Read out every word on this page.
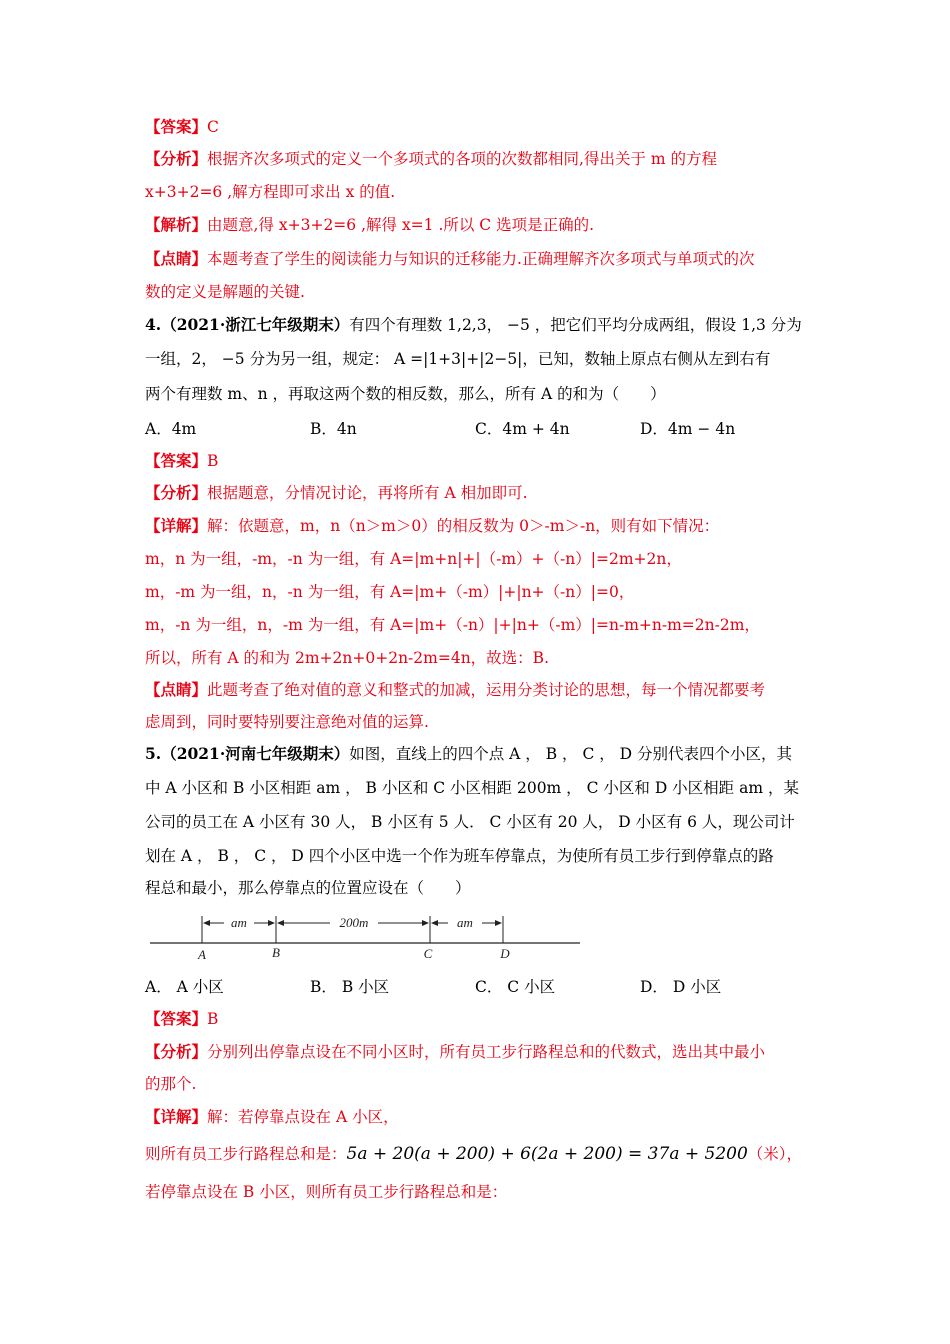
【答案】C
【分析】根据齐次多项式的定义一个多项式的各项的次数都相同,得出关于 m 的方程
x+3+2=6 ,解方程即可求出 x 的值.
【解析】由题意,得 x+3+2=6 ,解得 x=1 .所以 C 选项是正确的.
【点睛】本题考查了学生的阅读能力与知识的迁移能力.正确理解齐次多项式与单项式的次
数的定义是解题的关键.
4.（2021·浙江七年级期末）有四个有理数 1,2,3， −5 ，把它们平均分成两组，假设 1,3 分为
一组，2， −5 分为另一组，规定： A =|1+3|+|2−5|，已知，数轴上原点右侧从左到右有
两个有理数 m、n ，再取这两个数的相反数，那么，所有 A 的和为（　　）
A．4m	B．4n	C．4m + 4n	D．4m − 4n
【答案】B
【分析】根据题意，分情况讨论，再将所有 A 相加即可.
【详解】解：依题意，m，n（n＞m＞0）的相反数为 0＞-m＞-n，则有如下情况：
m，n 为一组，-m，-n 为一组，有 A=|m+n|+|（-m）+（-n）|=2m+2n，
m，-m 为一组，n，-n 为一组，有 A=|m+（-m）|+|n+（-n）|=0，
m，-n 为一组，n，-m 为一组，有 A=|m+（-n）|+|n+（-m）|=n-m+n-m=2n-2m，
所以，所有 A 的和为 2m+2n+0+2n-2m=4n，故选：B.
【点睛】此题考查了绝对值的意义和整式的加减，运用分类讨论的思想，每一个情况都要考
虑周到，同时要特别要注意绝对值的运算.
5.（2021·河南七年级期末）如图，直线上的四个点 A ， B ， C ， D 分别代表四个小区，其
中 A 小区和 B 小区相距 am ， B 小区和 C 小区相距 200m ， C 小区和 D 小区相距 am ，某
公司的员工在 A 小区有 30 人， B 小区有 5 人． C 小区有 20 人， D 小区有 6 人，现公司计
划在 A ， B ， C ， D 四个小区中选一个作为班车停靠点，为使所有员工步行到停靠点的路
程总和最小，那么停靠点的位置应设在（　　）
am	200m	am
A	B	C	D
A． A 小区	B． B 小区	C． C 小区	D． D 小区
【答案】B
【分析】分别列出停靠点设在不同小区时，所有员工步行路程总和的代数式，选出其中最小
的那个.
【详解】解：若停靠点设在 A 小区，
则所有员工步行路程总和是：5a + 20(a + 200) + 6(2a + 200) = 37a + 5200（米），
若停靠点设在 B 小区，则所有员工步行路程总和是：
